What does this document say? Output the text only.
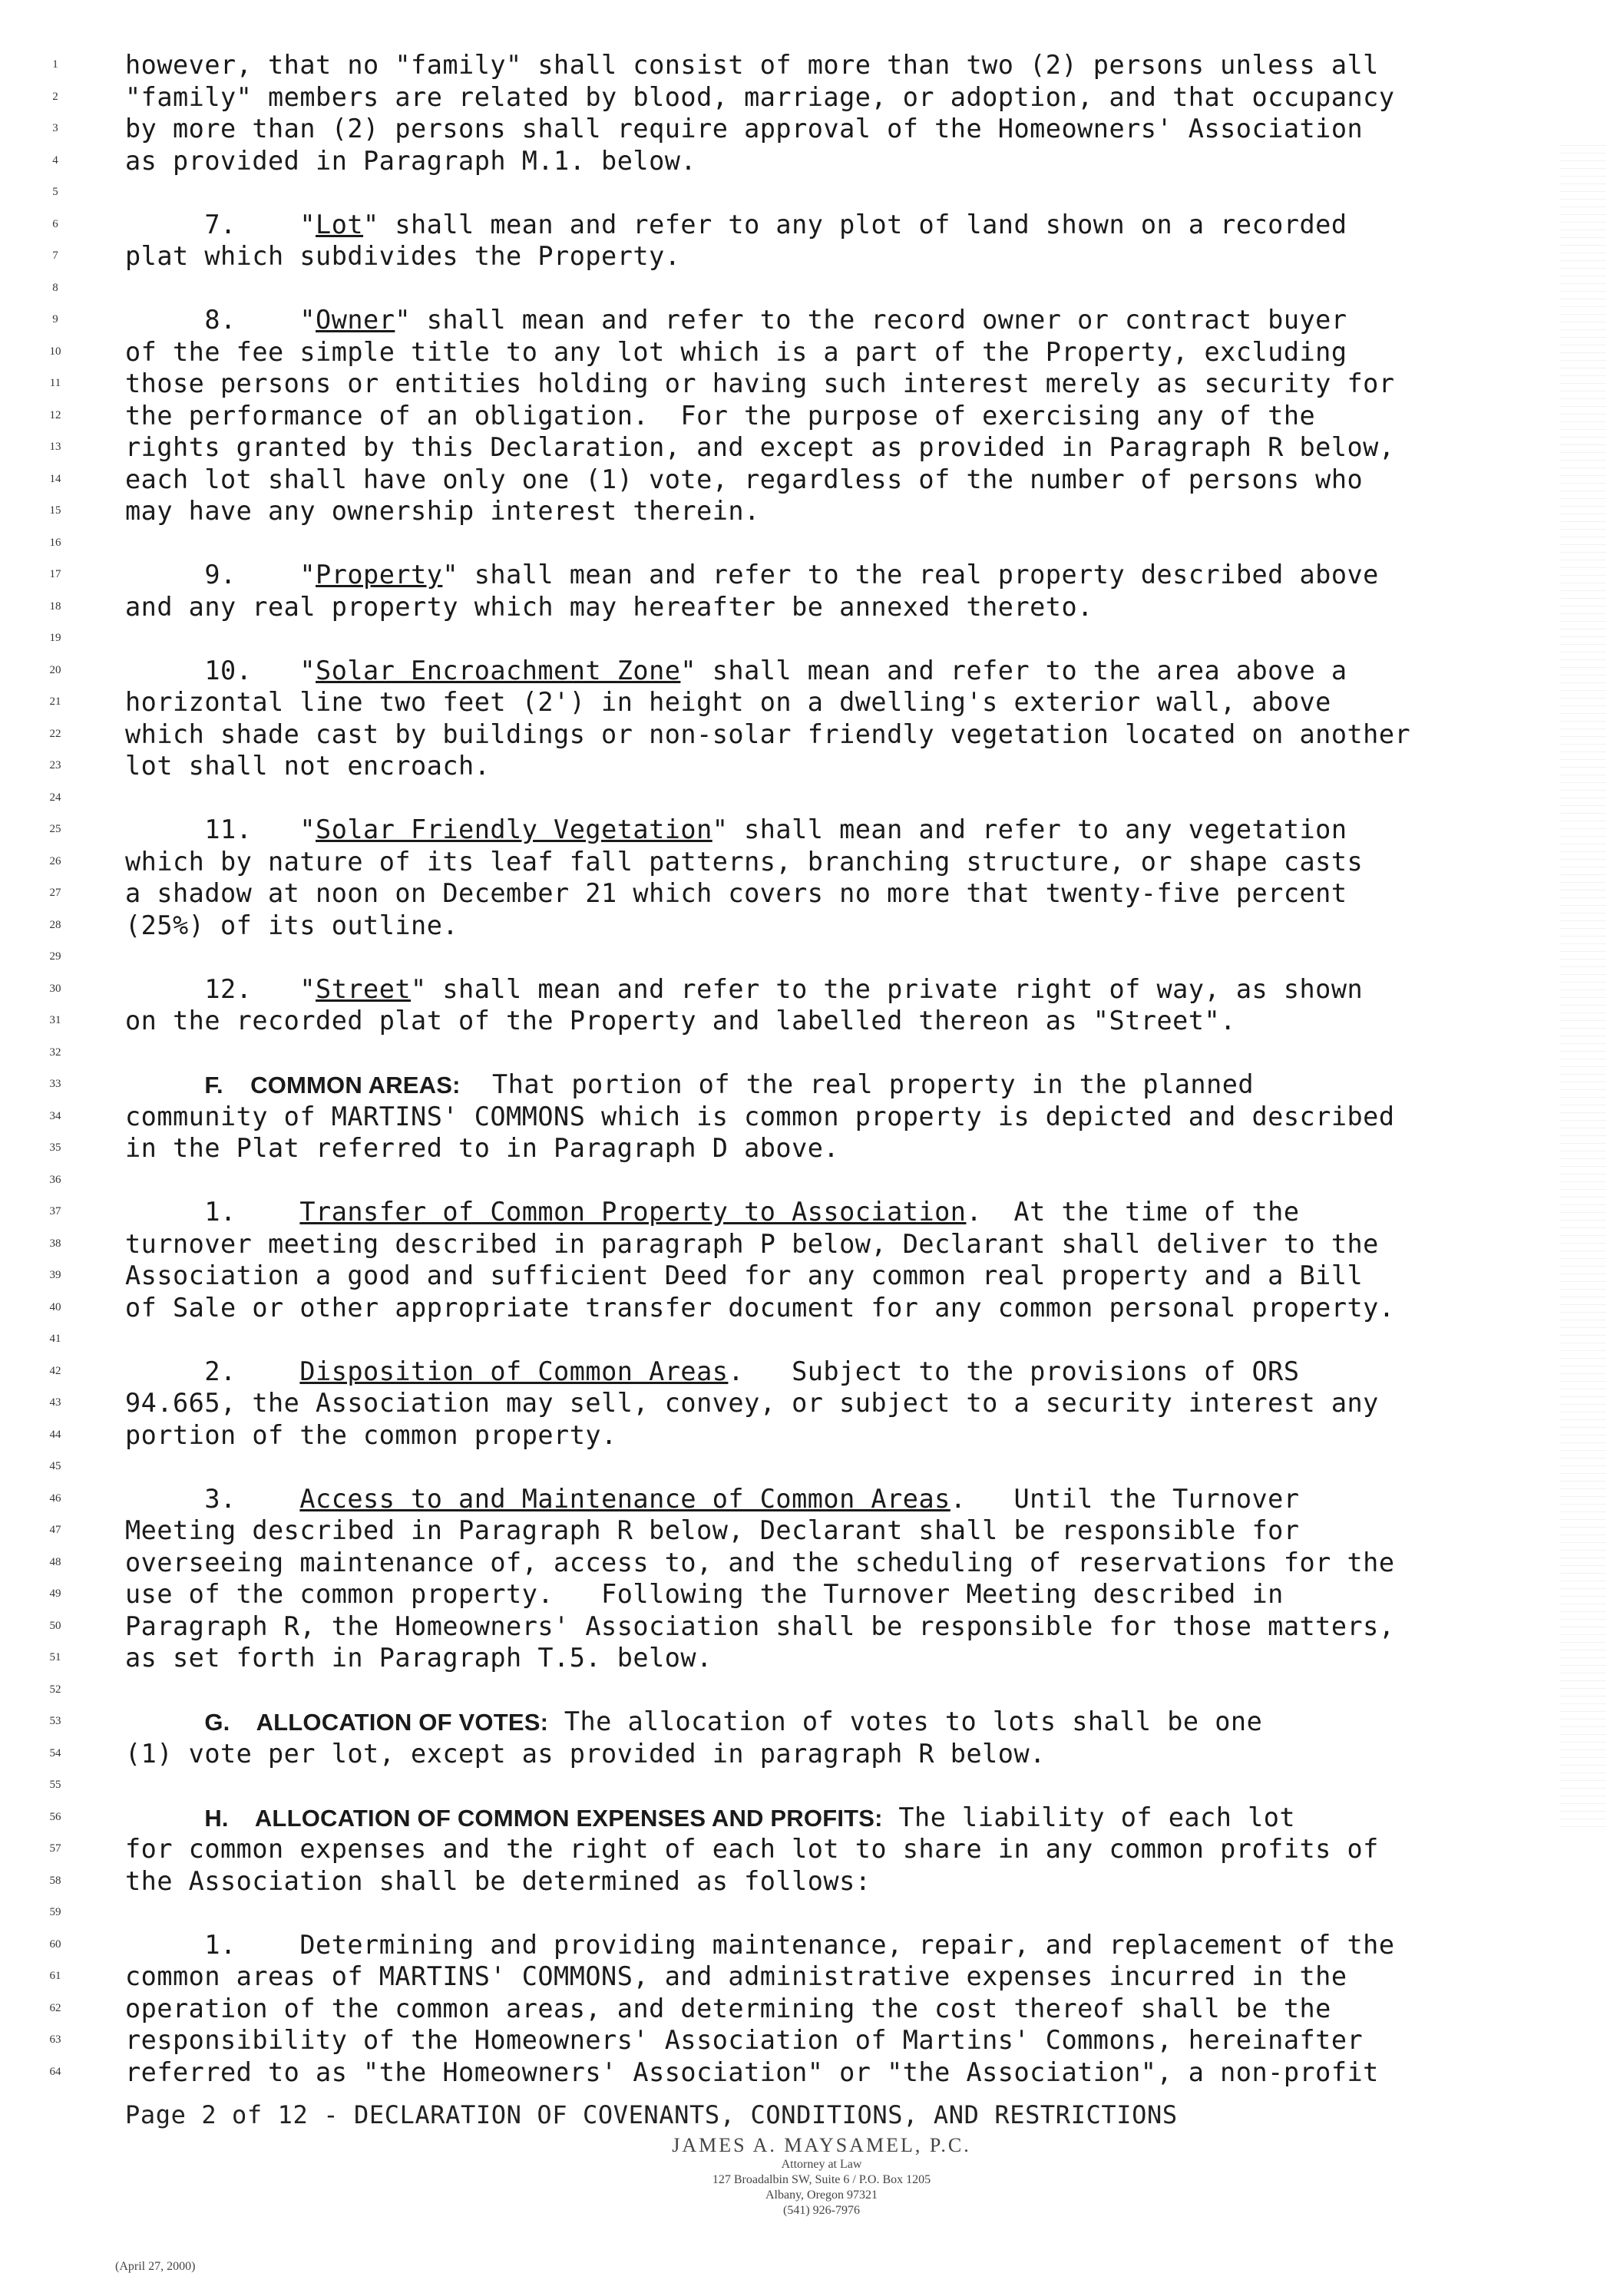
1	however, that no "family" shall consist of more than two (2) persons unless all
2	"family" members are related by blood, marriage, or adoption, and that occupancy
3	by more than (2) persons shall require approval of the Homeowners' Association
4	as provided in Paragraph M.1. below.
5
6	7.    "Lot" shall mean and refer to any plot of land shown on a recorded
7	plat which subdivides the Property.
8
9	8.    "Owner" shall mean and refer to the record owner or contract buyer
10	of the fee simple title to any lot which is a part of the Property, excluding
11	those persons or entities holding or having such interest merely as security for
12	the performance of an obligation.  For the purpose of exercising any of the
13	rights granted by this Declaration, and except as provided in Paragraph R below,
14	each lot shall have only one (1) vote, regardless of the number of persons who
15	may have any ownership interest therein.
16
17	9.    "Property" shall mean and refer to the real property described above
18	and any real property which may hereafter be annexed thereto.
19
20	10.   "Solar Encroachment Zone" shall mean and refer to the area above a
21	horizontal line two feet (2') in height on a dwelling's exterior wall, above
22	which shade cast by buildings or non-solar friendly vegetation located on another
23	lot shall not encroach.
24
25	11.   "Solar Friendly Vegetation" shall mean and refer to any vegetation
26	which by nature of its leaf fall patterns, branching structure, or shape casts
27	a shadow at noon on December 21 which covers no more that twenty-five percent
28	(25%) of its outline.
29
30	12.   "Street" shall mean and refer to the private right of way, as shown
31	on the recorded plat of the Property and labelled thereon as "Street".
32
33	F.    COMMON AREAS:  That portion of the real property in the planned
34	community of MARTINS' COMMONS which is common property is depicted and described
35	in the Plat referred to in Paragraph D above.
36
37	1.    Transfer of Common Property to Association.  At the time of the
38	turnover meeting described in paragraph P below, Declarant shall deliver to the
39	Association a good and sufficient Deed for any common real property and a Bill
40	of Sale or other appropriate transfer document for any common personal property.
41
42	2.    Disposition of Common Areas.   Subject to the provisions of ORS
43	94.665, the Association may sell, convey, or subject to a security interest any
44	portion of the common property.
45
46	3.    Access to and Maintenance of Common Areas.   Until the Turnover
47	Meeting described in Paragraph R below, Declarant shall be responsible for
48	overseeing maintenance of, access to, and the scheduling of reservations for the
49	use of the common property.   Following the Turnover Meeting described in
50	Paragraph R, the Homeowners' Association shall be responsible for those matters,
51	as set forth in Paragraph T.5. below.
52
53	G.    ALLOCATION OF VOTES: The allocation of votes to lots shall be one
54	(1) vote per lot, except as provided in paragraph R below.
55
56	H.    ALLOCATION OF COMMON EXPENSES AND PROFITS: The liability of each lot
57	for common expenses and the right of each lot to share in any common profits of
58	the Association shall be determined as follows:
59
60	1.    Determining and providing maintenance, repair, and replacement of the
61	common areas of MARTINS' COMMONS, and administrative expenses incurred in the
62	operation of the common areas, and determining the cost thereof shall be the
63	responsibility of the Homeowners' Association of Martins' Commons, hereinafter
64	referred to as "the Homeowners' Association" or "the Association", a non-profit
Page 2 of 12 - DECLARATION OF COVENANTS, CONDITIONS, AND RESTRICTIONS
JAMES A. MAYSAMEL, P.C.
Attorney at Law
127 Broadalbin SW, Suite 6 / P.O. Box 1205
Albany, Oregon 97321
(541) 926-7976
(April 27, 2000)
